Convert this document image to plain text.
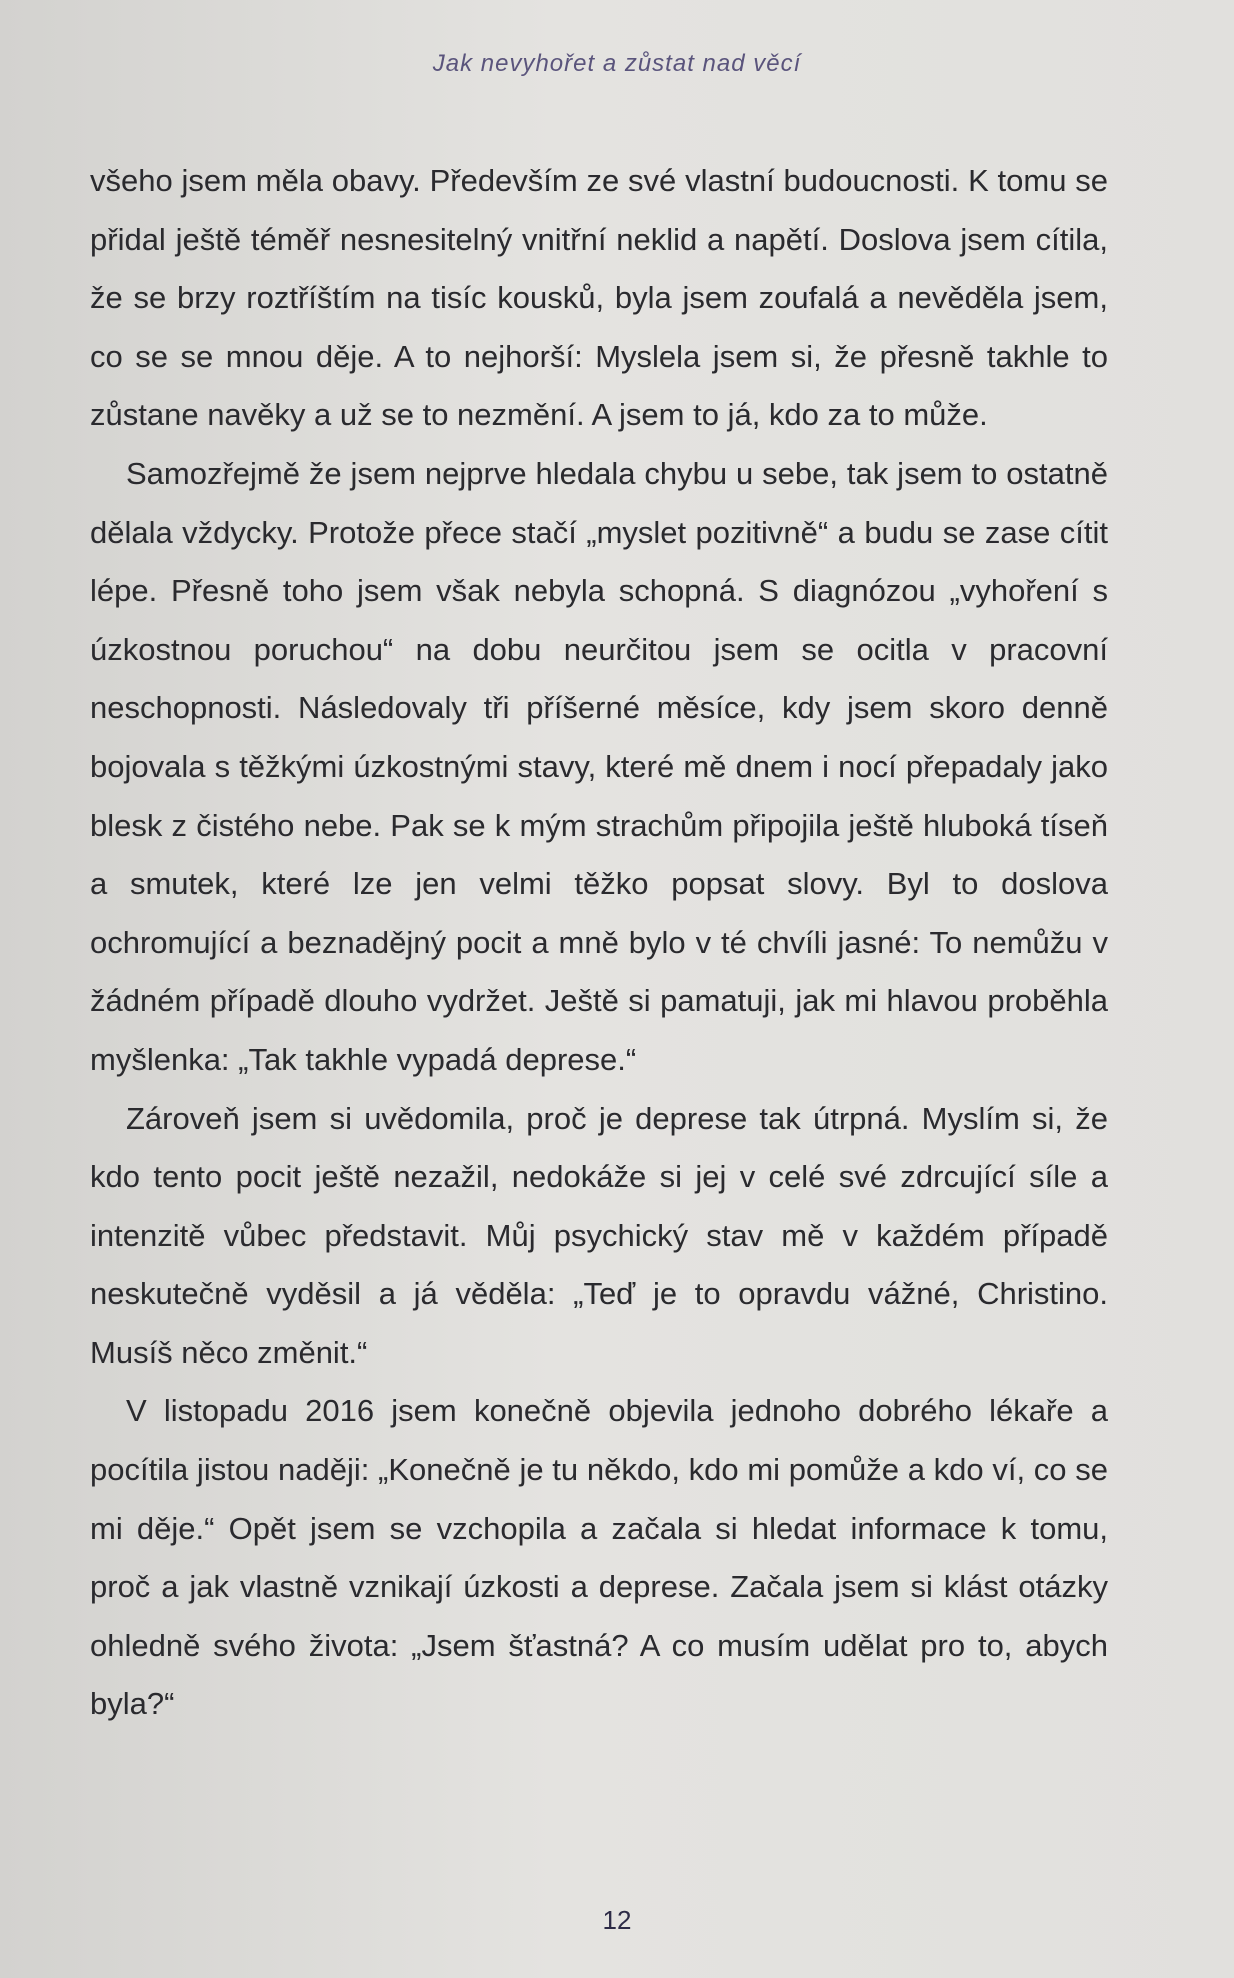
Jak nevyhořet a zůstat nad věcí

všeho jsem měla obavy. Především ze své vlastní budoucnosti. K tomu se přidal ještě téměř nesnesitelný vnitřní neklid a napětí. Doslova jsem cítila, že se brzy roztříštím na tisíc kousků, byla jsem zoufalá a nevěděla jsem, co se se mnou děje. A to nejhorší: Myslela jsem si, že přesně takhle to zůstane navěky a už se to nezmění. A jsem to já, kdo za to může.

Samozřejmě že jsem nejprve hledala chybu u sebe, tak jsem to ostatně dělala vždycky. Protože přece stačí „myslet pozitivně“ a budu se zase cítit lépe. Přesně toho jsem však nebyla schopná. S diagnózou „vyhoření s úzkostnou poruchou“ na dobu neurčitou jsem se ocitla v pracovní neschopnosti. Následovaly tři příšerné měsíce, kdy jsem skoro denně bojovala s těžkými úzkostnými stavy, které mě dnem i nocí přepadaly jako blesk z čistého nebe. Pak se k mým strachům připojila ještě hluboká tíseň a smutek, které lze jen velmi těžko popsat slovy. Byl to doslova ochromující a beznadějný pocit a mně bylo v té chvíli jasné: To nemůžu v žádném případě dlouho vydržet. Ještě si pamatuji, jak mi hlavou proběhla myšlenka: „Tak takhle vypadá deprese.“

Zároveň jsem si uvědomila, proč je deprese tak útrpná. Myslím si, že kdo tento pocit ještě nezažil, nedokáže si jej v celé své zdrcující síle a intenzitě vůbec představit. Můj psychický stav mě v každém případě neskutečně vyděsil a já věděla: „Teď je to opravdu vážné, Christino. Musíš něco změnit.“

V listopadu 2016 jsem konečně objevila jednoho dobrého lékaře a pocítila jistou naději: „Konečně je tu někdo, kdo mi pomůže a kdo ví, co se mi děje.“ Opět jsem se vzchopila a začala si hledat informace k tomu, proč a jak vlastně vznikají úzkosti a deprese. Začala jsem si klást otázky ohledně svého života: „Jsem šťastná? A co musím udělat pro to, abych byla?“

12
